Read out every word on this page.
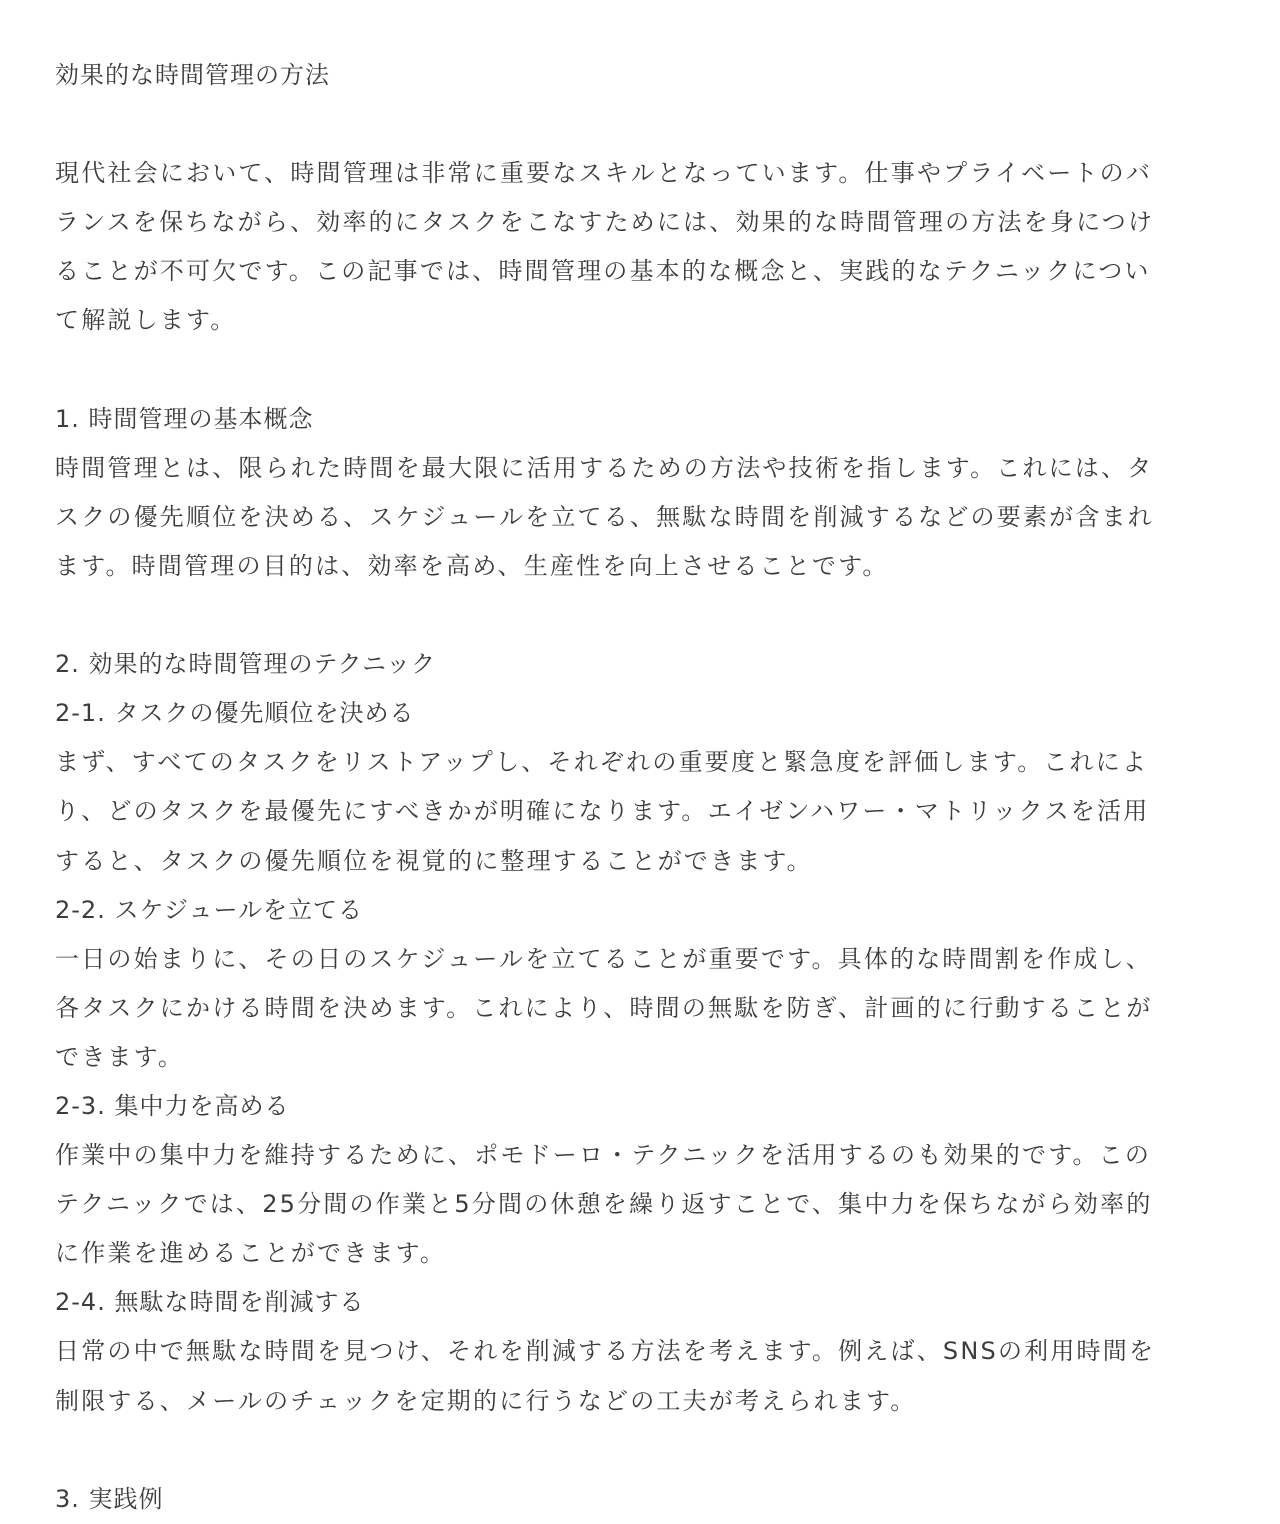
効果的な時間管理の方法
現代社会において、時間管理は非常に重要なスキルとなっています。仕事やプライベートのバ
ランスを保ちながら、効率的にタスクをこなすためには、効果的な時間管理の方法を身につけ
ることが不可欠です。この記事では、時間管理の基本的な概念と、実践的なテクニックについ
て解説します。
1. 時間管理の基本概念
時間管理とは、限られた時間を最大限に活用するための方法や技術を指します。これには、タ
スクの優先順位を決める、スケジュールを立てる、無駄な時間を削減するなどの要素が含まれ
ます。時間管理の目的は、効率を高め、生産性を向上させることです。
2. 効果的な時間管理のテクニック
2-1. タスクの優先順位を決める
まず、すべてのタスクをリストアップし、それぞれの重要度と緊急度を評価します。これによ
り、どのタスクを最優先にすべきかが明確になります。エイゼンハワー・マトリックスを活用
すると、タスクの優先順位を視覚的に整理することができます。
2-2. スケジュールを立てる
一日の始まりに、その日のスケジュールを立てることが重要です。具体的な時間割を作成し、
各タスクにかける時間を決めます。これにより、時間の無駄を防ぎ、計画的に行動することが
できます。
2-3. 集中力を高める
作業中の集中力を維持するために、ポモドーロ・テクニックを活用するのも効果的です。この
テクニックでは、25分間の作業と5分間の休憩を繰り返すことで、集中力を保ちながら効率的
に作業を進めることができます。
2-4. 無駄な時間を削減する
日常の中で無駄な時間を見つけ、それを削減する方法を考えます。例えば、SNSの利用時間を
制限する、メールのチェックを定期的に行うなどの工夫が考えられます。
3. 実践例
